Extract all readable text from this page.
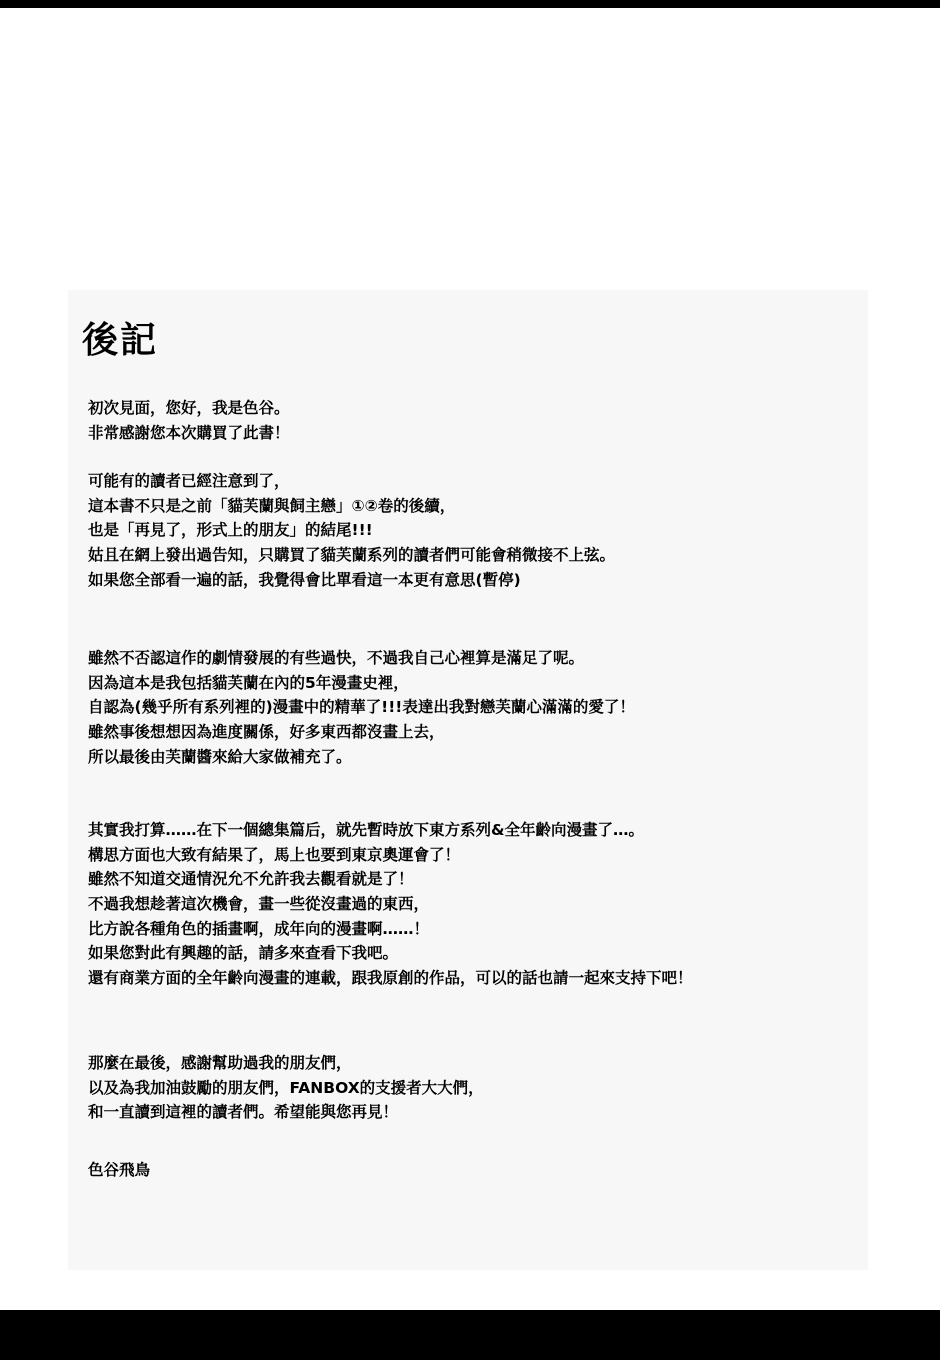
後記

初次見面，您好，我是色谷。
非常感謝您本次購買了此書！

可能有的讀者已經注意到了，
這本書不只是之前「貓芙蘭與飼主戀」①②卷的後續，
也是「再見了，形式上的朋友」的結尾!!!
姑且在網上發出過告知，只購買了貓芙蘭系列的讀者們可能會稍微接不上弦。
如果您全部看一遍的話，我覺得會比單看這一本更有意思(暫停)

雖然不否認這作的劇情發展的有些過快，不過我自己心裡算是滿足了呢。
因為這本是我包括貓芙蘭在內的5年漫畫史裡，
自認為(幾乎所有系列裡的)漫畫中的精華了!!!表達出我對戀芙蘭心滿滿的愛了！
雖然事後想想因為進度關係，好多東西都沒畫上去，
所以最後由芙蘭醬來給大家做補充了。

其實我打算……在下一個總集篇后，就先暫時放下東方系列&全年齡向漫畫了…。
構思方面也大致有結果了，馬上也要到東京奧運會了！
雖然不知道交通情況允不允許我去觀看就是了！
不過我想趁著這次機會，畫一些從沒畫過的東西，
比方說各種角色的插畫啊，成年向的漫畫啊……！
如果您對此有興趣的話，請多來查看下我吧。
還有商業方面的全年齡向漫畫的連載，跟我原創的作品，可以的話也請一起來支持下吧！

那麼在最後，感謝幫助過我的朋友們，
以及為我加油鼓勵的朋友們，FANBOX的支援者大大們，
和一直讀到這裡的讀者們。希望能與您再見！

色谷飛鳥
